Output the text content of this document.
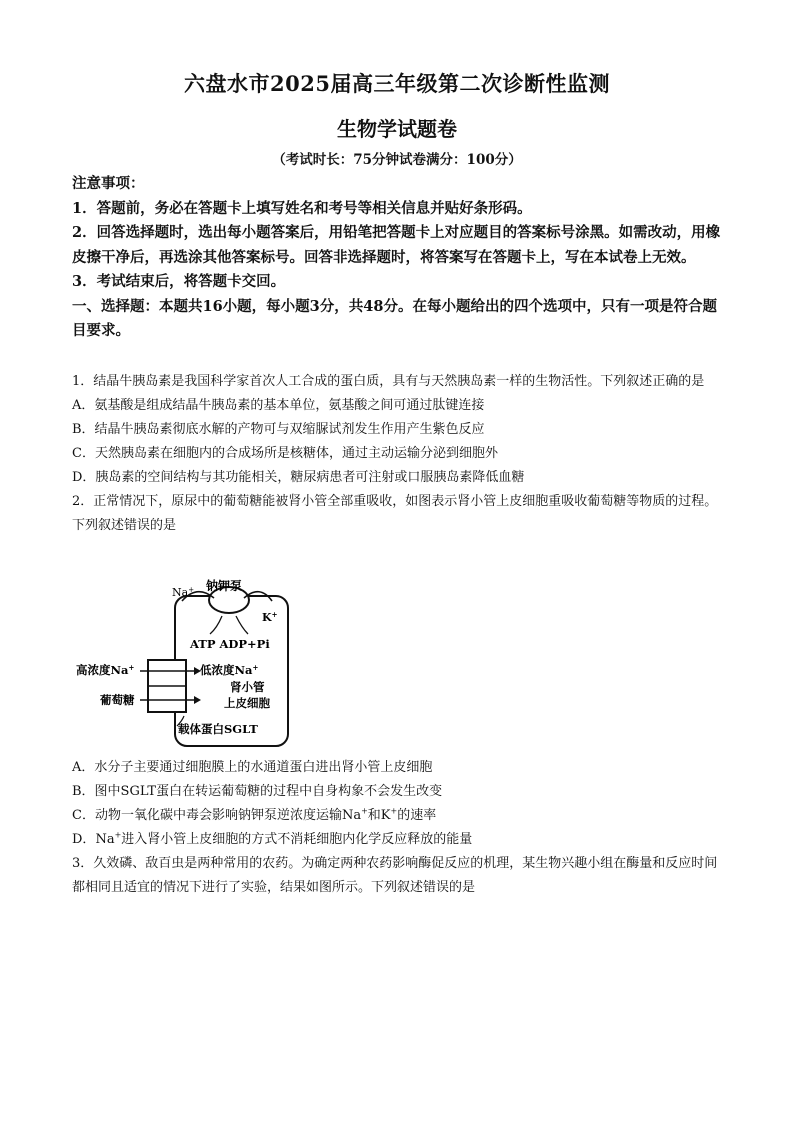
六盘水市2025届高三年级第二次诊断性监测
生物学试题卷
（考试时长：75分钟试卷满分：100分）

注意事项：

1．答题前，务必在答题卡上填写姓名和考号等相关信息并贴好条形码。

2．回答选择题时，选出每小题答案后，用铅笔把答题卡上对应题目的答案标号涂黑。如需改动，用橡皮擦干净后，再选涂其他答案标号。回答非选择题时，将答案写在答题卡上，写在本试卷上无效。

3．考试结束后，将答题卡交回。

一、选择题：本题共16小题，每小题3分，共48分。在每小题给出的四个选项中，只有一项是符合题目要求。

1．结晶牛胰岛素是我国科学家首次人工合成的蛋白质，具有与天然胰岛素一样的生物活性。下列叙述正确的是

A．氨基酸是组成结晶牛胰岛素的基本单位，氨基酸之间可通过肽键连接

B．结晶牛胰岛素彻底水解的产物可与双缩脲试剂发生作用产生紫色反应

C．天然胰岛素在细胞内的合成场所是核糖体，通过主动运输分泌到细胞外

D．胰岛素的空间结构与其功能相关，糖尿病患者可注射或口服胰岛素降低血糖

2．正常情况下，原尿中的葡萄糖能被肾小管全部重吸收，如图表示肾小管上皮细胞重吸收葡萄糖等物质的过程。下列叙述错误的是

Na+ 钠钾泵
K+
ATP ADP+Pi
高浓度Na+	低浓度Na+
肾小管
葡萄糖	上皮细胞
载体蛋白SGLT

A．水分子主要通过细胞膜上的水通道蛋白进出肾小管上皮细胞

B．图中SGLT蛋白在转运葡萄糖的过程中自身构象不会发生改变

C．动物一氧化碳中毒会影响钠钾泵逆浓度运输Na+和K+的速率

D．Na+进入肾小管上皮细胞的方式不消耗细胞内化学反应释放的能量

3．久效磷、敌百虫是两种常用的农药。为确定两种农药影响酶促反应的机理，某生物兴趣小组在酶量和反应时间都相同且适宜的情况下进行了实验，结果如图所示。下列叙述错误的是
